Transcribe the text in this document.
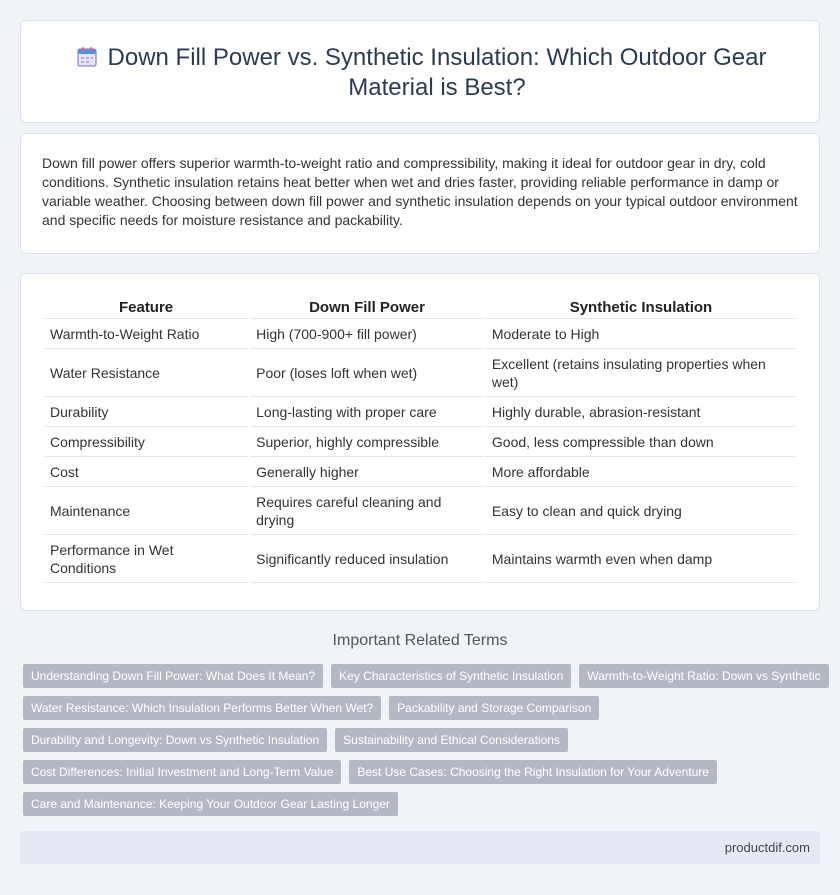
Down Fill Power vs. Synthetic Insulation: Which Outdoor Gear Material is Best?

Down fill power offers superior warmth-to-weight ratio and compressibility, making it ideal for outdoor gear in dry, cold conditions. Synthetic insulation retains heat better when wet and dries faster, providing reliable performance in damp or variable weather. Choosing between down fill power and synthetic insulation depends on your typical outdoor environment and specific needs for moisture resistance and packability.

Feature	Down Fill Power	Synthetic Insulation
Warmth-to-Weight Ratio	High (700-900+ fill power)	Moderate to High
Water Resistance	Poor (loses loft when wet)	Excellent (retains insulating properties when wet)
Durability	Long-lasting with proper care	Highly durable, abrasion-resistant
Compressibility	Superior, highly compressible	Good, less compressible than down
Cost	Generally higher	More affordable
Maintenance	Requires careful cleaning and drying	Easy to clean and quick drying
Performance in Wet Conditions	Significantly reduced insulation	Maintains warmth even when damp

Important Related Terms

Understanding Down Fill Power: What Does It Mean?	Key Characteristics of Synthetic Insulation	Warmth-to-Weight Ratio: Down vs Synthetic
Water Resistance: Which Insulation Performs Better When Wet?	Packability and Storage Comparison
Durability and Longevity: Down vs Synthetic Insulation	Sustainability and Ethical Considerations
Cost Differences: Initial Investment and Long-Term Value	Best Use Cases: Choosing the Right Insulation for Your Adventure
Care and Maintenance: Keeping Your Outdoor Gear Lasting Longer
productdif.com
